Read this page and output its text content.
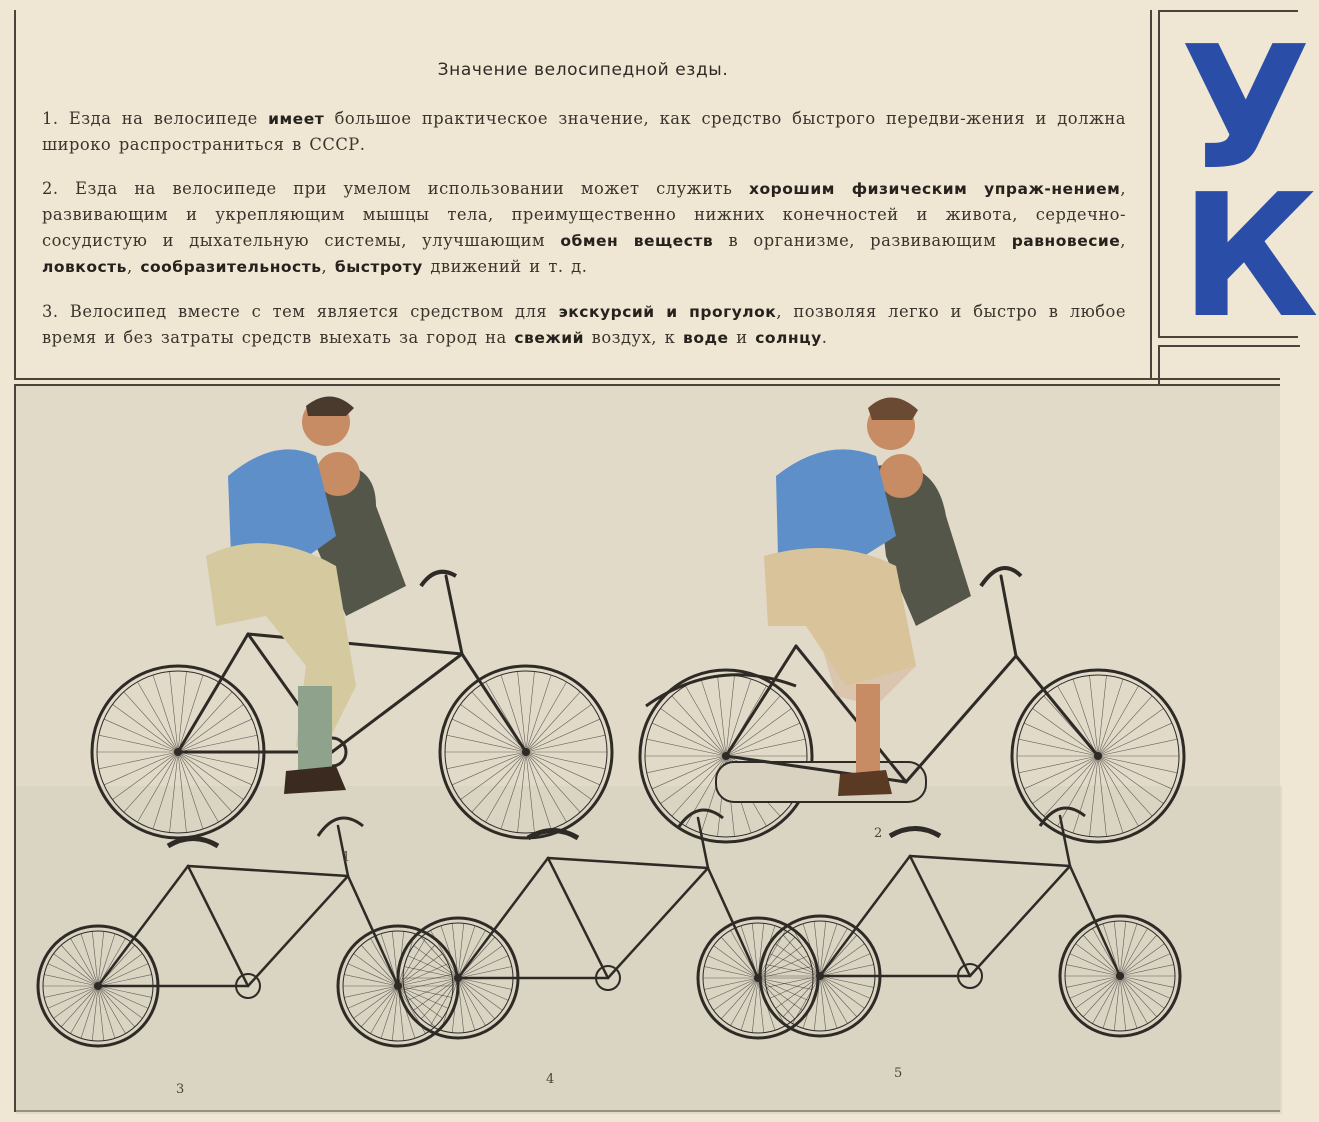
Значение велосипедной езды.
1. Езда на велосипеде имеет большое практическое значение, как средство быстрого передви-жения и должна широко распространиться в СССР.
2. Езда на велосипеде при умелом использовании может служить хорошим физическим упраж-нением, развивающим и укрепляющим мышцы тела, преимущественно нижних конечностей и живота, сердечно-сосудистую и дыхательную системы, улучшающим обмен веществ в организме, развивающим равновесие, ловкость, сообразительность, быстроту движений и т. д.
3. Велосипед вместе с тем является средством для экскурсий и прогулок, позволяя легко и быстро в любое время и без затраты средств выехать за город на свежий воздух, к воде и солнцу.
У
К
1
2
3
4	5
